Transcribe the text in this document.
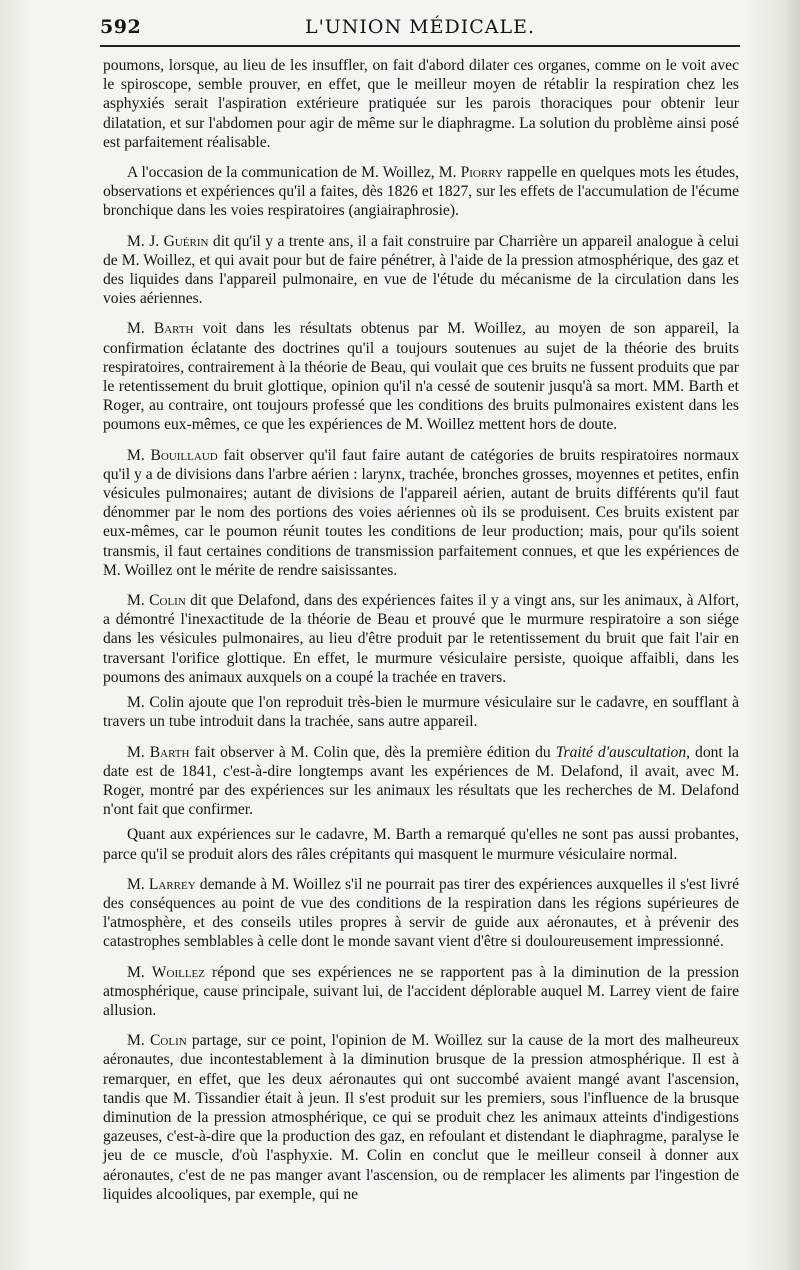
592	L'UNION MÉDICALE.

poumons, lorsque, au lieu de les insuffler, on fait d'abord dilater ces organes, comme on le voit avec le spiroscope, semble prouver, en effet, que le meilleur moyen de rétablir la respiration chez les asphyxiés serait l'aspiration extérieure pratiquée sur les parois thoraciques pour obtenir leur dilatation, et sur l'abdomen pour agir de même sur le diaphragme. La solution du problème ainsi posé est parfaitement réalisable.

A l'occasion de la communication de M. Woillez, M. Piorry rappelle en quelques mots les études, observations et expériences qu'il a faites, dès 1826 et 1827, sur les effets de l'accumulation de l'écume bronchique dans les voies respiratoires (angiairaphrosie).

M. J. Guérin dit qu'il y a trente ans, il a fait construire par Charrière un appareil analogue à celui de M. Woillez, et qui avait pour but de faire pénétrer, à l'aide de la pression atmosphérique, des gaz et des liquides dans l'appareil pulmonaire, en vue de l'étude du mécanisme de la circulation dans les voies aériennes.

M. Barth voit dans les résultats obtenus par M. Woillez, au moyen de son appareil, la confirmation éclatante des doctrines qu'il a toujours soutenues au sujet de la théorie des bruits respiratoires, contrairement à la théorie de Beau, qui voulait que ces bruits ne fussent produits que par le retentissement du bruit glottique, opinion qu'il n'a cessé de soutenir jusqu'à sa mort. MM. Barth et Roger, au contraire, ont toujours professé que les conditions des bruits pulmonaires existent dans les poumons eux-mêmes, ce que les expériences de M. Woillez mettent hors de doute.

M. Bouillaud fait observer qu'il faut faire autant de catégories de bruits respiratoires normaux qu'il y a de divisions dans l'arbre aérien : larynx, trachée, bronches grosses, moyennes et petites, enfin vésicules pulmonaires; autant de divisions de l'appareil aérien, autant de bruits différents qu'il faut dénommer par le nom des portions des voies aériennes où ils se produisent. Ces bruits existent par eux-mêmes, car le poumon réunit toutes les conditions de leur production; mais, pour qu'ils soient transmis, il faut certaines conditions de transmission parfaitement connues, et que les expériences de M. Woillez ont le mérite de rendre saisissantes.

M. Colin dit que Delafond, dans des expériences faites il y a vingt ans, sur les animaux, à Alfort, a démontré l'inexactitude de la théorie de Beau et prouvé que le murmure respiratoire a son siége dans les vésicules pulmonaires, au lieu d'être produit par le retentissement du bruit que fait l'air en traversant l'orifice glottique. En effet, le murmure vésiculaire persiste, quoique affaibli, dans les poumons des animaux auxquels on a coupé la trachée en travers.

M. Colin ajoute que l'on reproduit très-bien le murmure vésiculaire sur le cadavre, en soufflant à travers un tube introduit dans la trachée, sans autre appareil.

M. Barth fait observer à M. Colin que, dès la première édition du Traité d'auscultation, dont la date est de 1841, c'est-à-dire longtemps avant les expériences de M. Delafond, il avait, avec M. Roger, montré par des expériences sur les animaux les résultats que les recherches de M. Delafond n'ont fait que confirmer.

Quant aux expériences sur le cadavre, M. Barth a remarqué qu'elles ne sont pas aussi probantes, parce qu'il se produit alors des râles crépitants qui masquent le murmure vésiculaire normal.

M. Larrey demande à M. Woillez s'il ne pourrait pas tirer des expériences auxquelles il s'est livré des conséquences au point de vue des conditions de la respiration dans les régions supérieures de l'atmosphère, et des conseils utiles propres à servir de guide aux aéronautes, et à prévenir des catastrophes semblables à celle dont le monde savant vient d'être si douloureusement impressionné.

M. Woillez répond que ses expériences ne se rapportent pas à la diminution de la pression atmosphérique, cause principale, suivant lui, de l'accident déplorable auquel M. Larrey vient de faire allusion.

M. Colin partage, sur ce point, l'opinion de M. Woillez sur la cause de la mort des malheureux aéronautes, due incontestablement à la diminution brusque de la pression atmosphérique. Il est à remarquer, en effet, que les deux aéronautes qui ont succombé avaient mangé avant l'ascension, tandis que M. Tissandier était à jeun. Il s'est produit sur les premiers, sous l'influence de la brusque diminution de la pression atmosphérique, ce qui se produit chez les animaux atteints d'indigestions gazeuses, c'est-à-dire que la production des gaz, en refoulant et distendant le diaphragme, paralyse le jeu de ce muscle, d'où l'asphyxie. M. Colin en conclut que le meilleur conseil à donner aux aéronautes, c'est de ne pas manger avant l'ascension, ou de remplacer les aliments par l'ingestion de liquides alcooliques, par exemple, qui ne
